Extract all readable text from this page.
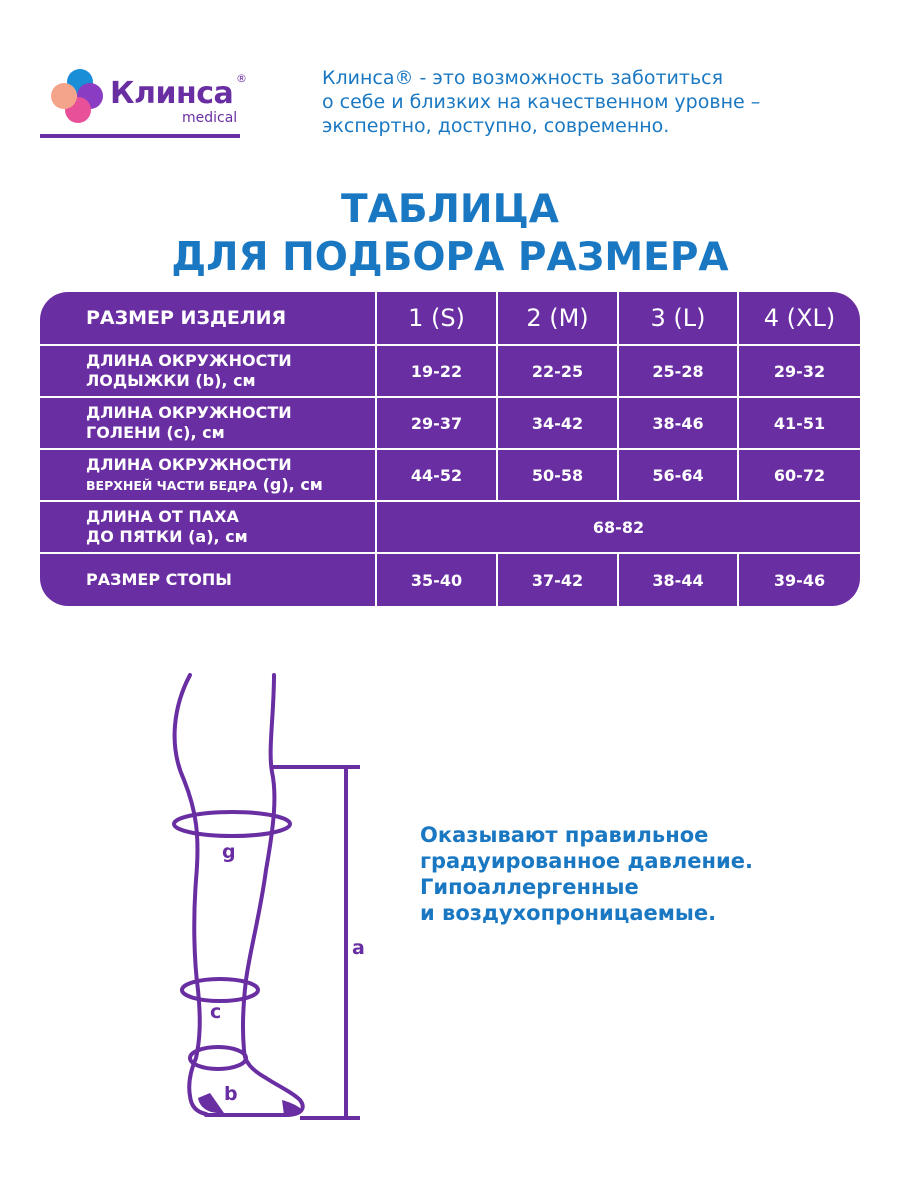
Клинса ®
medical
Клинса® - это возможность заботиться
о себе и близких на качественном уровне –
экспертно, доступно, современно.
ТАБЛИЦА
ДЛЯ ПОДБОРА РАЗМЕРА
РАЗМЕР ИЗДЕЛИЯ	1 (S)	2 (M)	3 (L)	4 (XL)
ДЛИНА ОКРУЖНОСТИ
ЛОДЫЖКИ (b), см	19-22	22-25	25-28	29-32
ДЛИНА ОКРУЖНОСТИ
ГОЛЕНИ (c), см	29-37	34-42	38-46	41-51
ДЛИНА ОКРУЖНОСТИ
ВЕРХНЕЙ ЧАСТИ БЕДРА (g), см	44-52	50-58	56-64	60-72
ДЛИНА ОТ ПАХА
ДО ПЯТКИ (а), см	68-82
РАЗМЕР СТОПЫ	35-40	37-42	38-44	39-46
g
c
b
a
Оказывают правильное
градуированное давление.
Гипоаллергенные
и воздухопроницаемые.
